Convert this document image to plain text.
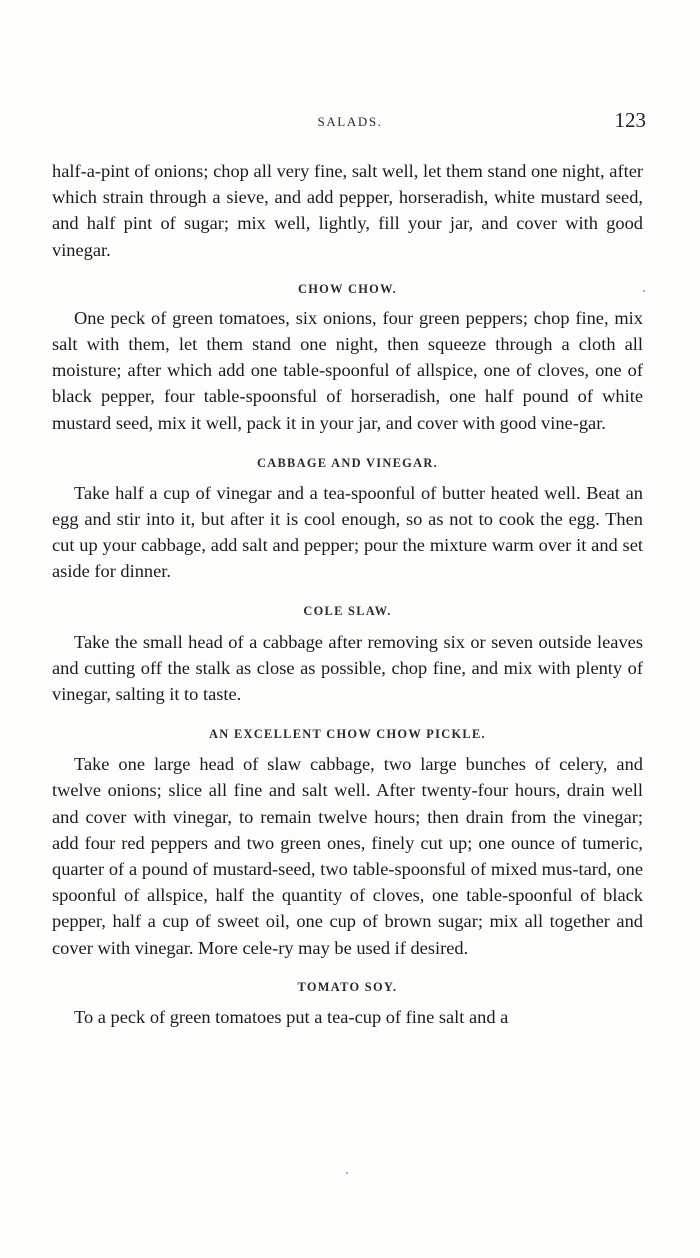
SALADS.	123

half-a-pint of onions; chop all very fine, salt well, let them stand one night, after which strain through a sieve, and add pepper, horseradish, white mustard seed, and half pint of sugar; mix well, lightly, fill your jar, and cover with good vinegar.

CHOW CHOW.

One peck of green tomatoes, six onions, four green peppers; chop fine, mix salt with them, let them stand one night, then squeeze through a cloth all moisture; after which add one table-spoonful of allspice, one of cloves, one of black pepper, four table-spoonsful of horseradish, one half pound of white mustard seed, mix it well, pack it in your jar, and cover with good vine-gar.

CABBAGE AND VINEGAR.

Take half a cup of vinegar and a tea-spoonful of butter heated well. Beat an egg and stir into it, but after it is cool enough, so as not to cook the egg. Then cut up your cabbage, add salt and pepper; pour the mixture warm over it and set aside for dinner.

COLE SLAW.

Take the small head of a cabbage after removing six or seven outside leaves and cutting off the stalk as close as possible, chop fine, and mix with plenty of vinegar, salting it to taste.

AN EXCELLENT CHOW CHOW PICKLE.

Take one large head of slaw cabbage, two large bunches of celery, and twelve onions; slice all fine and salt well. After twenty-four hours, drain well and cover with vinegar, to remain twelve hours; then drain from the vinegar; add four red peppers and two green ones, finely cut up; one ounce of tumeric, quarter of a pound of mustard-seed, two table-spoonsful of mixed mus-tard, one spoonful of allspice, half the quantity of cloves, one table-spoonful of black pepper, half a cup of sweet oil, one cup of brown sugar; mix all together and cover with vinegar. More cele-ry may be used if desired.

TOMATO SOY.

To a peck of green tomatoes put a tea-cup of fine salt and a
